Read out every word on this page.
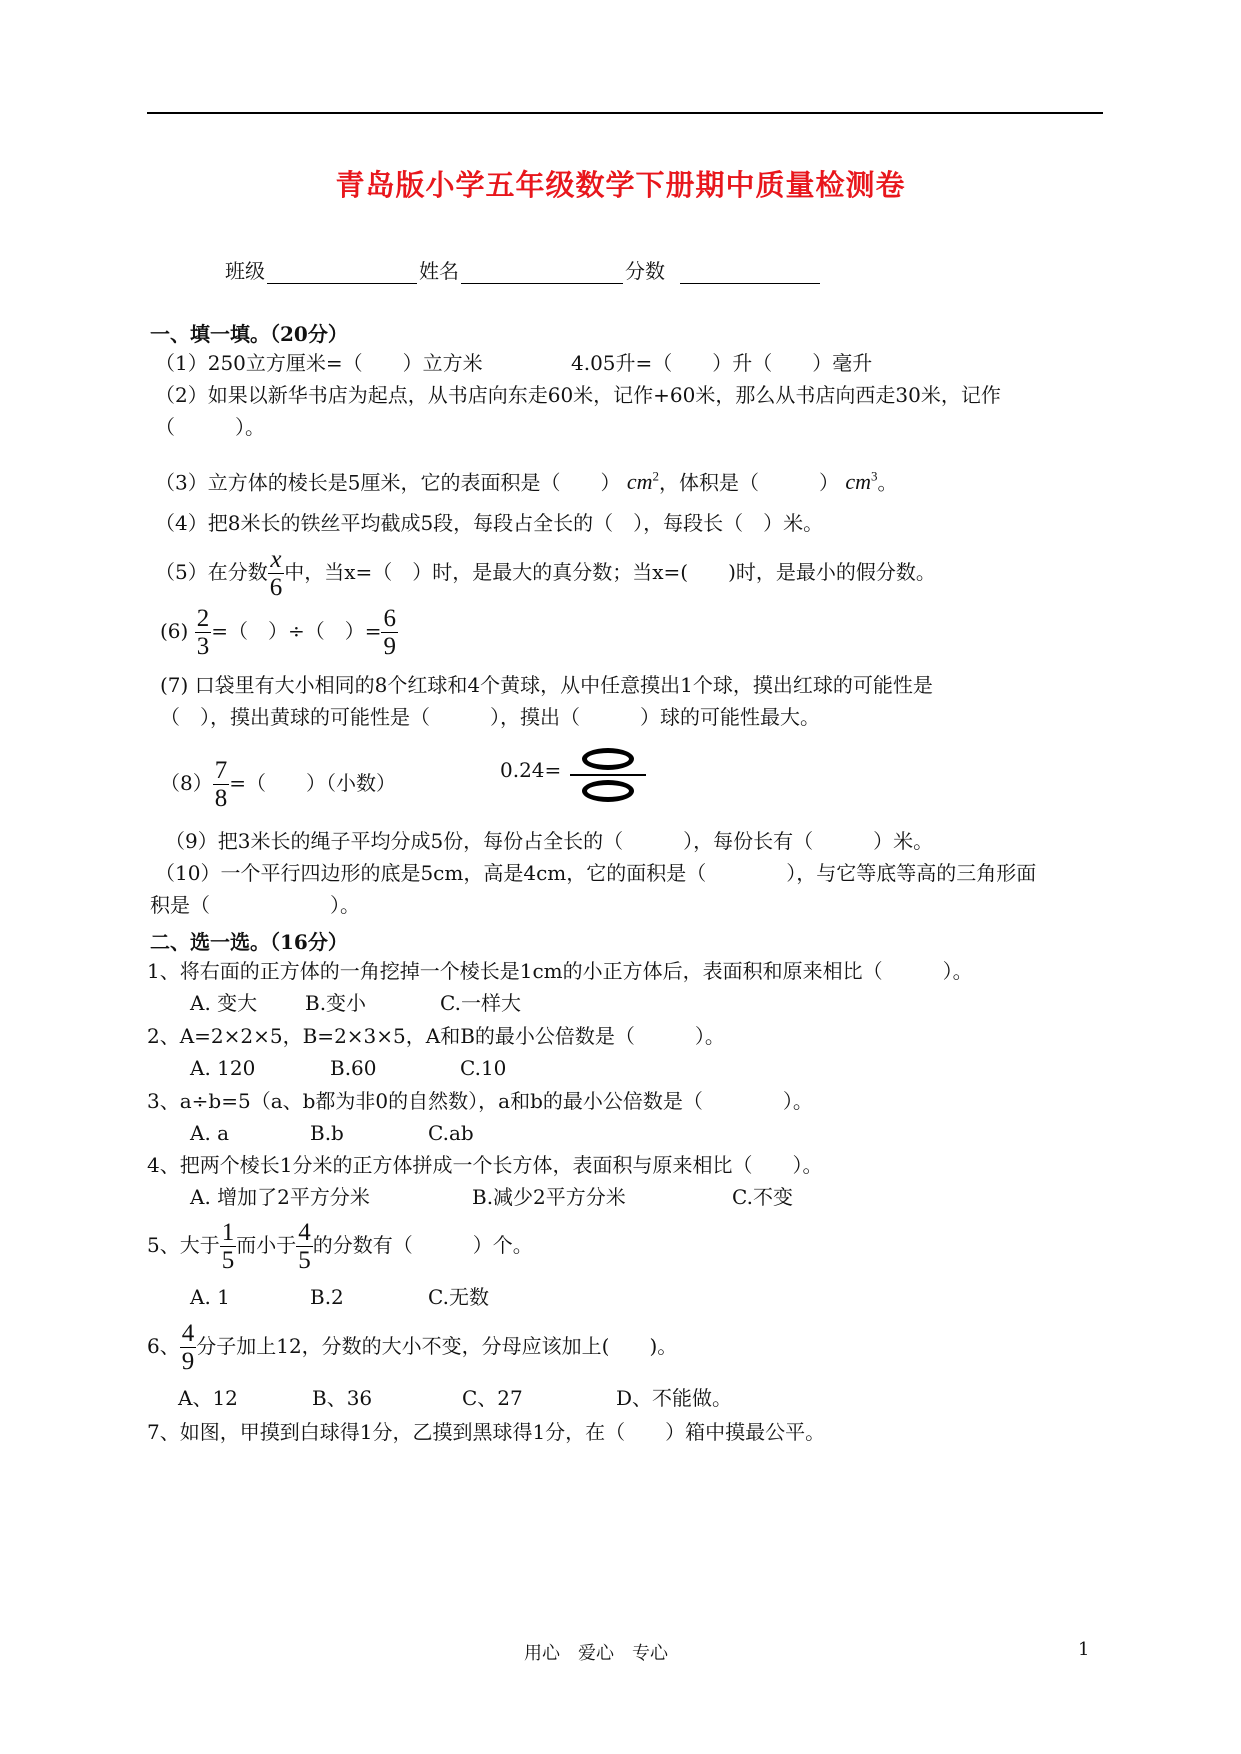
青岛版小学五年级数学下册期中质量检测卷
班级	姓名	分数
一、填一填。（20分）
（1）250立方厘米=（　　）立方米	4.05升=（　　）升（　　）毫升
（2）如果以新华书店为起点，从书店向东走60米，记作+60米，那么从书店向西走30米，记作
（　　　）。
（3）立方体的棱长是5厘米，它的表面积是（　　） $cm^2$，体积是（　　　） $cm^3$。
（4）把8米长的铁丝平均截成5段，每段占全长的（　），每段长（　）米。
（5）在分数 $\frac{x}{6}$ 中，当x=（　）时，是最大的真分数；当x=(　　)时，是最小的假分数。
$(6) \frac{2}{3}$ =（　）÷（　）= $\frac{6}{9}$
(7) 口袋里有大小相同的8个红球和4个黄球，从中任意摸出1个球，摸出红球的可能性是
（　），摸出黄球的可能性是（　　　），摸出（　　　）球的可能性最大。
$(8) \frac{7}{8}$ =（　　）（小数）
0.24=
（9）把3米长的绳子平均分成5份，每份占全长的（　　　），每份长有（　　　）米。
（10）一个平行四边形的底是5cm，高是4cm，它的面积是（　　　　），与它等底等高的三角形面
积是（　　　　　　）。
二、选一选。（16分）
1、将右面的正方体的一角挖掉一个棱长是1cm的小正方体后，表面积和原来相比（　　　）。
A. 变大 B.变小	C.一样大
2、A=2×2×5，B=2×3×5，A和B的最小公倍数是（　　　）。
A. 120	B.60	C.10
3、a÷b=5（a、b都为非0的自然数），a和b的最小公倍数是（　　　　）。
A. a	B.b	C.ab
4、把两个棱长1分米的正方体拼成一个长方体，表面积与原来相比（　　）。
A. 增加了2平方分米	B.减少2平方分米	C.不变
5、大于 $\frac{1}{5}$ 而小于 $\frac{4}{5}$ 的分数有（　　　）个。
A. 1	B.2	C.无数
6、 $\frac{4}{9}$ 分子加上12，分数的大小不变，分母应该加上(　　)。
A、12	B、36	C、27	D、不能做。
7、如图，甲摸到白球得1分，乙摸到黑球得1分，在（　　）箱中摸最公平。
用心　爱心　专心	1
